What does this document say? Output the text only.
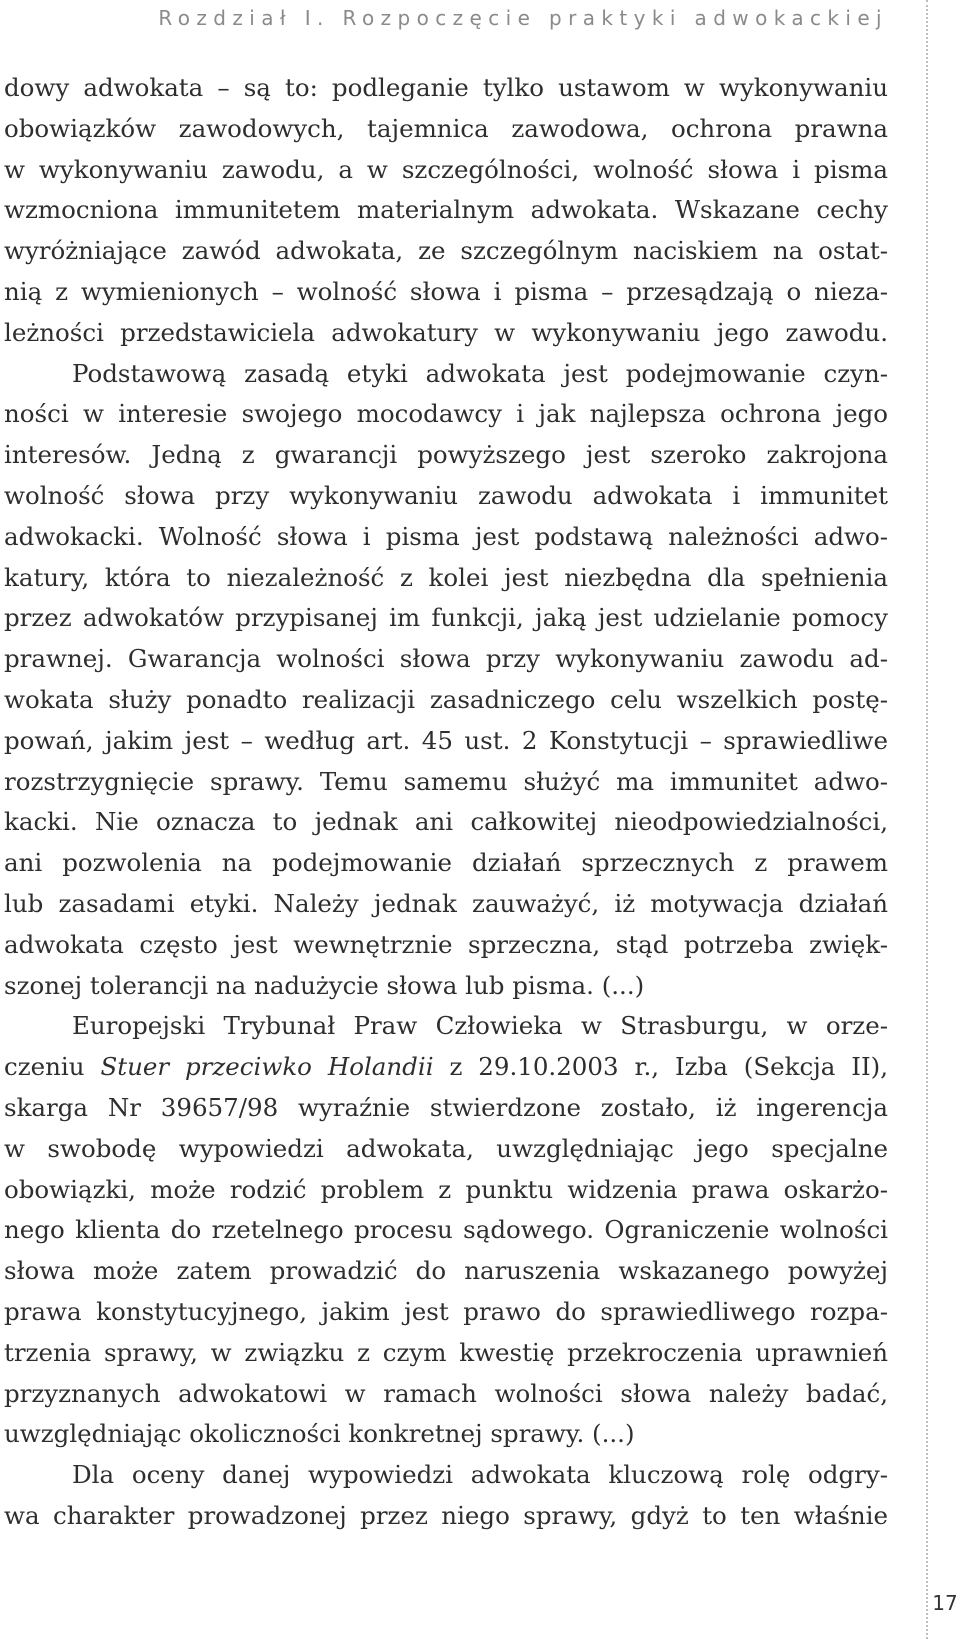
Rozdział I. Rozpoczęcie praktyki adwokackiej
dowy adwokata – są to: podleganie tylko ustawom w wykonywaniu
obowiązków zawodowych, tajemnica zawodowa, ochrona prawna
w wykonywaniu zawodu, a w szczególności, wolność słowa i pisma
wzmocniona immunitetem materialnym adwokata. Wskazane cechy
wyróżniające zawód adwokata, ze szczególnym naciskiem na ostat-
nią z wymienionych – wolność słowa i pisma – przesądzają o nieza-
leżności przedstawiciela adwokatury w wykonywaniu jego zawodu.
Podstawową zasadą etyki adwokata jest podejmowanie czyn-
ności w interesie swojego mocodawcy i jak najlepsza ochrona jego
interesów. Jedną z gwarancji powyższego jest szeroko zakrojona
wolność słowa przy wykonywaniu zawodu adwokata i immunitet
adwokacki. Wolność słowa i pisma jest podstawą należności adwo-
katury, która to niezależność z kolei jest niezbędna dla spełnienia
przez adwokatów przypisanej im funkcji, jaką jest udzielanie pomocy
prawnej. Gwarancja wolności słowa przy wykonywaniu zawodu ad-
wokata służy ponadto realizacji zasadniczego celu wszelkich postę-
powań, jakim jest – według art. 45 ust. 2 Konstytucji – sprawiedliwe
rozstrzygnięcie sprawy. Temu samemu służyć ma immunitet adwo-
kacki. Nie oznacza to jednak ani całkowitej nieodpowiedzialności,
ani pozwolenia na podejmowanie działań sprzecznych z prawem
lub zasadami etyki. Należy jednak zauważyć, iż motywacja działań
adwokata często jest wewnętrznie sprzeczna, stąd potrzeba zwięk-
szonej tolerancji na nadużycie słowa lub pisma. (...)
Europejski Trybunał Praw Człowieka w Strasburgu, w orze-
czeniu Stuer przeciwko Holandii z 29.10.2003 r., Izba (Sekcja II),
skarga Nr 39657/98 wyraźnie stwierdzone zostało, iż ingerencja
w swobodę wypowiedzi adwokata, uwzględniając jego specjalne
obowiązki, może rodzić problem z punktu widzenia prawa oskarżo-
nego klienta do rzetelnego procesu sądowego. Ograniczenie wolności
słowa może zatem prowadzić do naruszenia wskazanego powyżej
prawa konstytucyjnego, jakim jest prawo do sprawiedliwego rozpa-
trzenia sprawy, w związku z czym kwestię przekroczenia uprawnień
przyznanych adwokatowi w ramach wolności słowa należy badać,
uwzględniając okoliczności konkretnej sprawy. (...)
Dla oceny danej wypowiedzi adwokata kluczową rolę odgry-
wa charakter prowadzonej przez niego sprawy, gdyż to ten właśnie
17
